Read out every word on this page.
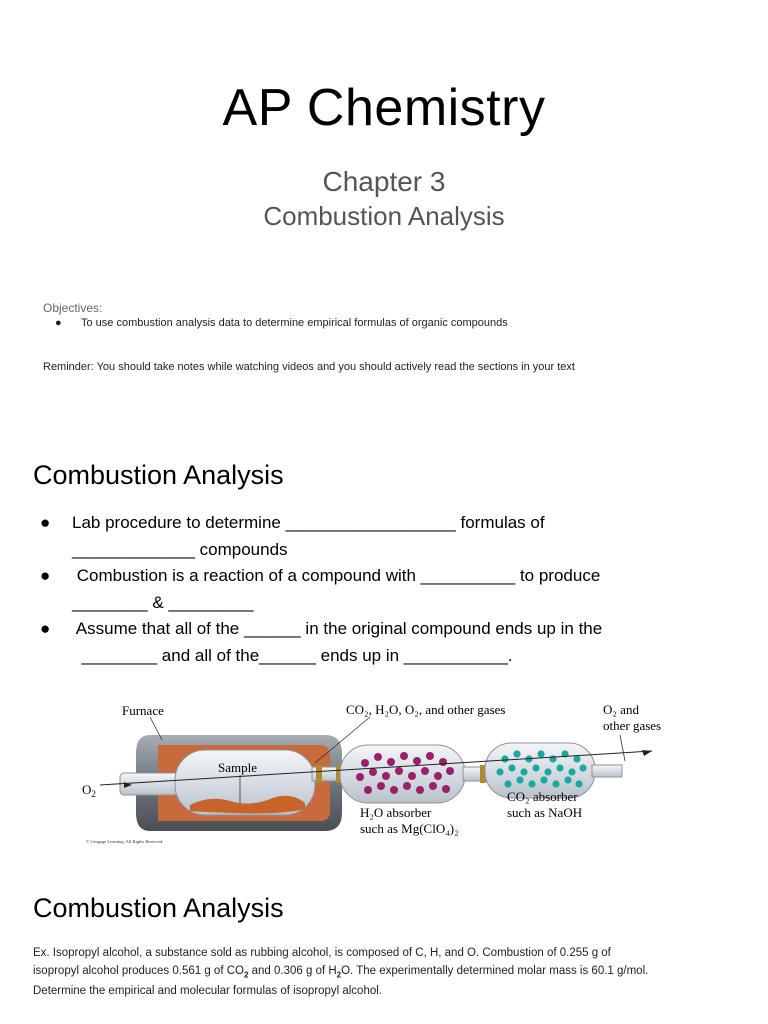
AP Chemistry
Chapter 3
Combustion Analysis
Objectives:
● To use combustion analysis data to determine empirical formulas of organic compounds
Reminder: You should take notes while watching videos and you should actively read the sections in your text
Combustion Analysis
● Lab procedure to determine __________________ formulas of
_____________ compounds
● Combustion is a reaction of a compound with __________ to produce
________ & _________
● Assume that all of the ______ in the original compound ends up in the
________ and all of the______ ends up in ___________.
Furnace
Sample
$O_2$
CO₂, H₂O, O₂, and other gases	O₂ and
other gases
H₂O absorber
such as Mg(ClO₄)₂
CO₂ absorber
such as NaOH
© Cengage Learning. All Rights Reserved.
Combustion Analysis
Ex. Isopropyl alcohol, a substance sold as rubbing alcohol, is composed of C, H, and O. Combustion of 0.255 g of
isopropyl alcohol produces 0.561 g of $CO_2$ and 0.306 g of $H_2O$. The experimentally determined molar mass is 60.1 g/mol.
Determine the empirical and molecular formulas of isopropyl alcohol.
